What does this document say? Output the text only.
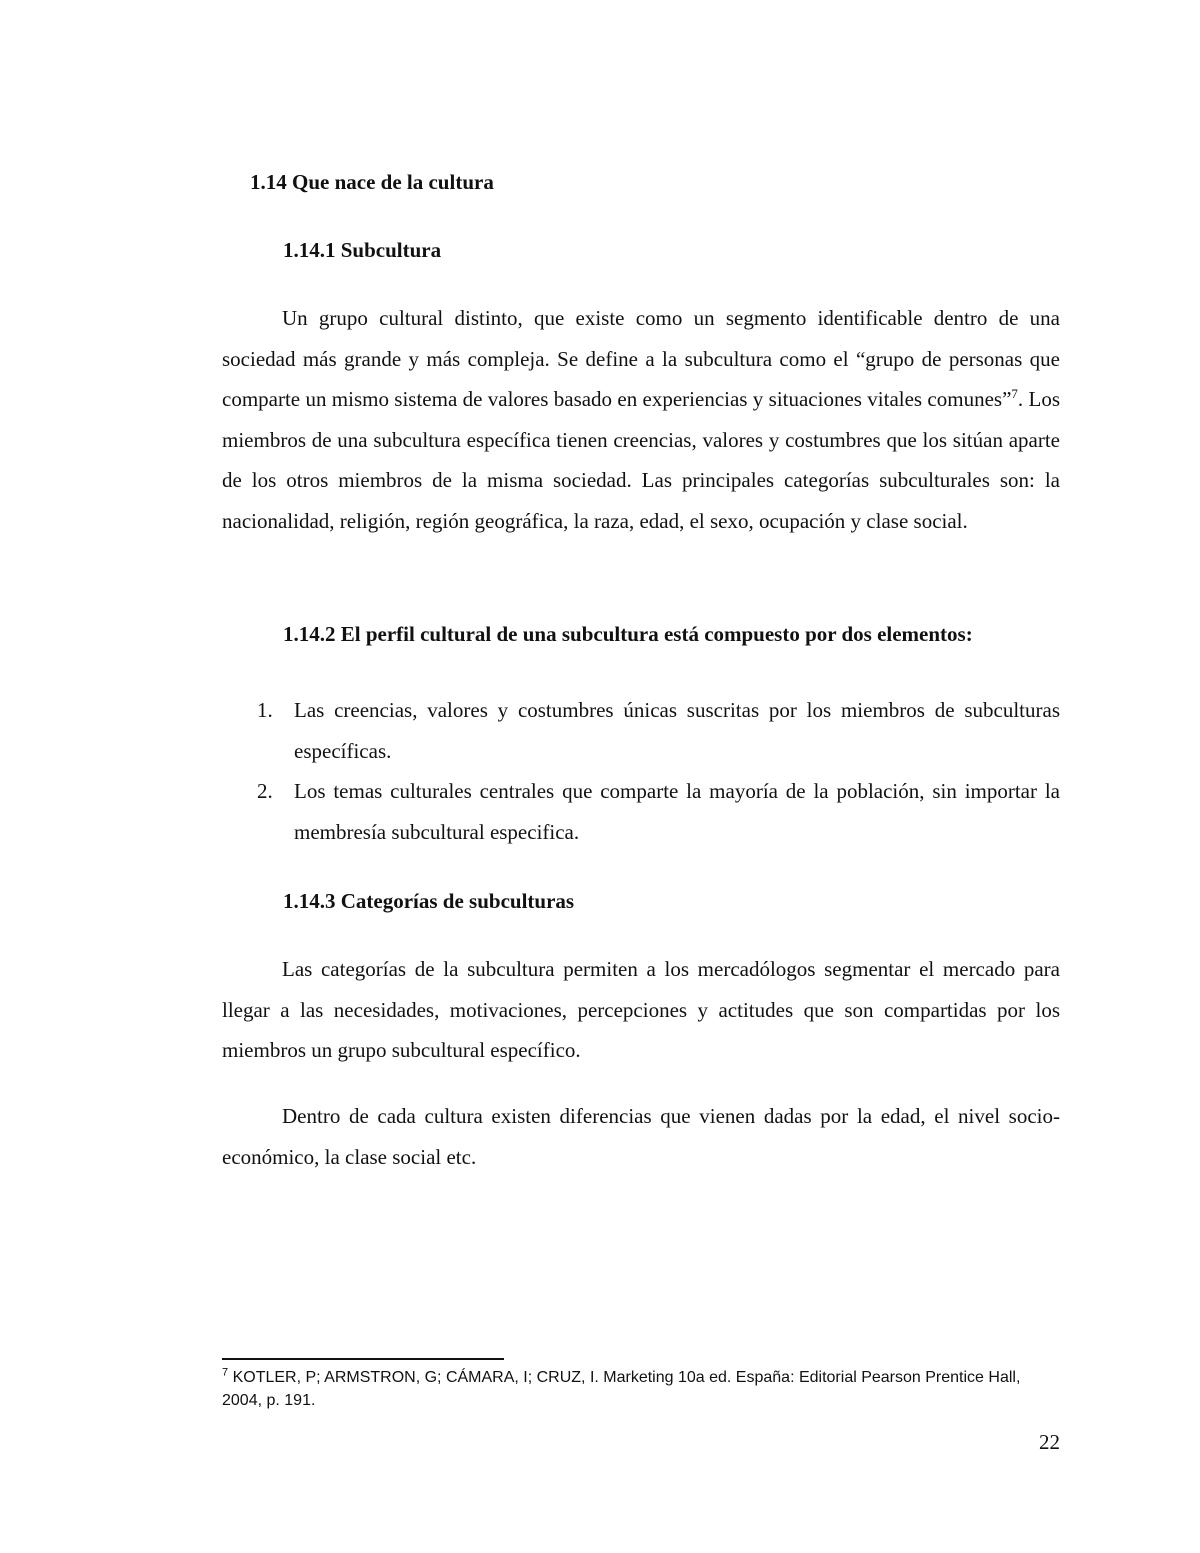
1.14 Que nace de la cultura
1.14.1 Subcultura
Un grupo cultural distinto, que existe como un segmento identificable dentro de una sociedad más grande y más compleja. Se define a la subcultura como el “grupo de personas que comparte un mismo sistema de valores basado en experiencias y situaciones vitales comunes”$^7$. Los miembros de una subcultura específica tienen creencias, valores y costumbres que los sitúan aparte de los otros miembros de la misma sociedad. Las principales categorías subculturales son: la nacionalidad, religión, región geográfica, la raza, edad, el sexo, ocupación y clase social.
1.14.2 El perfil cultural de una subcultura está compuesto por dos elementos:
1. Las creencias, valores y costumbres únicas suscritas por los miembros de subculturas específicas.
2. Los temas culturales centrales que comparte la mayoría de la población, sin importar la membresía subcultural especifica.
1.14.3 Categorías de subculturas
Las categorías de la subcultura permiten a los mercadólogos segmentar el mercado para llegar a las necesidades, motivaciones, percepciones y actitudes que son compartidas por los miembros un grupo subcultural específico.
Dentro de cada cultura existen diferencias que vienen dadas por la edad, el nivel socio-económico, la clase social etc.
$^7$ KOTLER, P; ARMSTRON, G; CÁMARA, I; CRUZ, I. Marketing 10a ed. España: Editorial Pearson Prentice Hall, 2004, p. 191.
22
